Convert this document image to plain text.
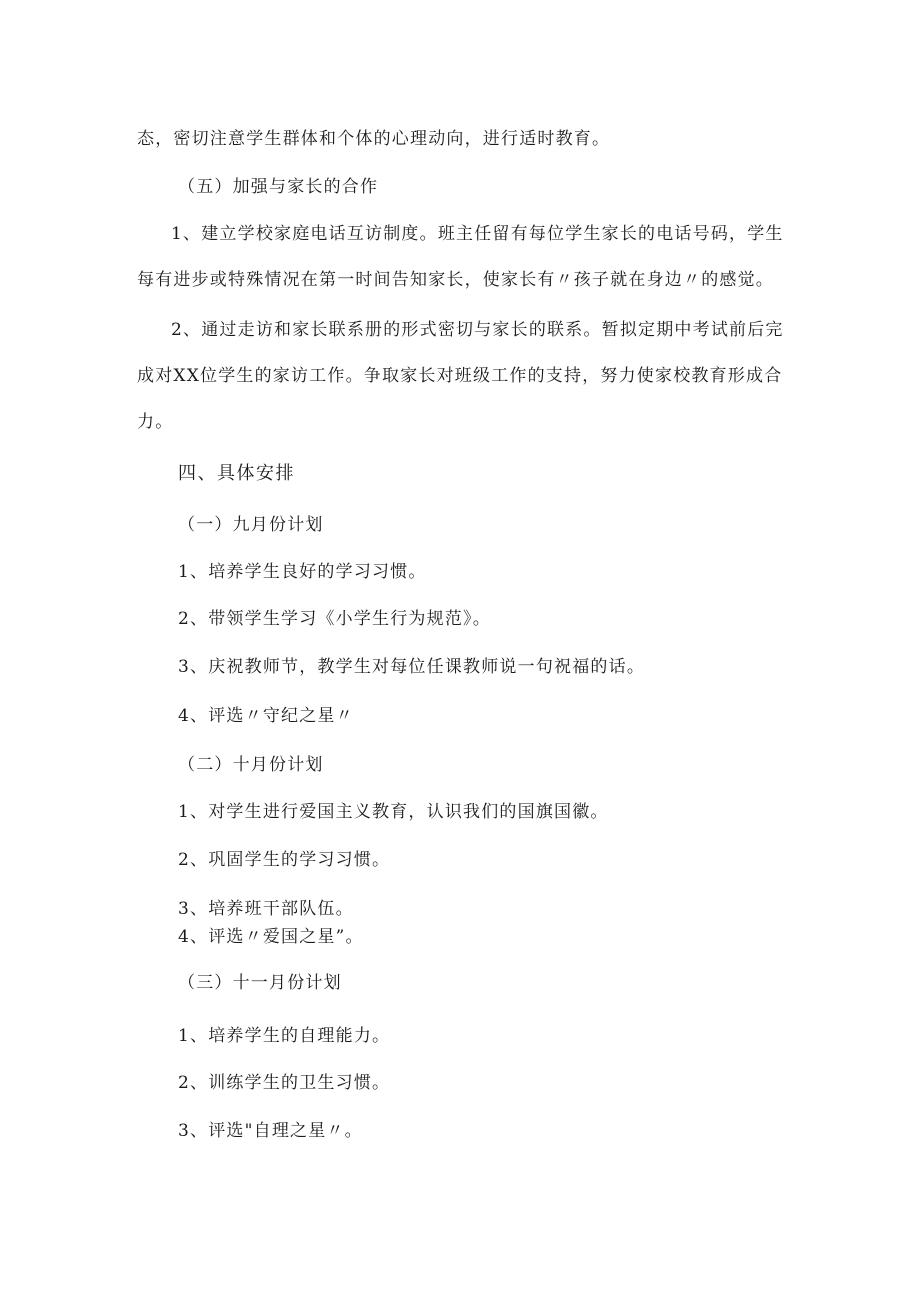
态，密切注意学生群体和个体的心理动向，进行适时教育。
（五）加强与家长的合作
1、建立学校家庭电话互访制度。班主任留有每位学生家长的电话号码，学生每有进步或特殊情况在第一时间告知家长，使家长有〃孩子就在身边〃的感觉。
2、通过走访和家长联系册的形式密切与家长的联系。暂拟定期中考试前后完成对XX位学生的家访工作。争取家长对班级工作的支持，努力使家校教育形成合力。
四、具体安排
（一）九月份计划
1、培养学生良好的学习习惯。
2、带领学生学习《小学生行为规范》。
3、庆祝教师节，教学生对每位任课教师说一句祝福的话。
4、评选〃守纪之星〃
（二）十月份计划
1、对学生进行爱国主义教育，认识我们的国旗国徽。
2、巩固学生的学习习惯。
3、培养班干部队伍。
4、评选〃爱国之星”。
（三）十一月份计划
1、培养学生的自理能力。
2、训练学生的卫生习惯。
3、评选"自理之星〃。
